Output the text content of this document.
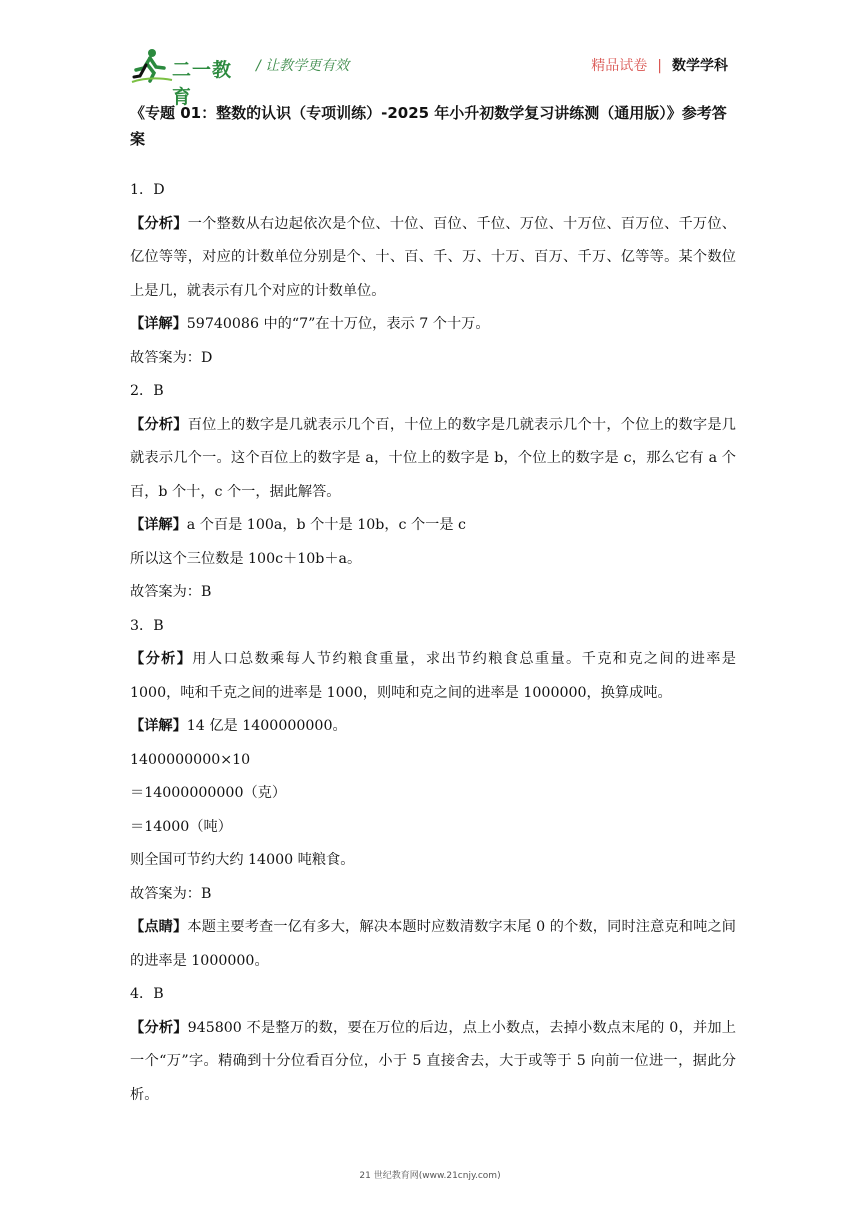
二一教育
/ 让教学更有效	精品试卷 | 数学学科
《专题 01：整数的认识（专项训练）-2025 年小升初数学复习讲练测（通用版）》参考答案

1．D

【分析】一个整数从右边起依次是个位、十位、百位、千位、万位、十万位、百万位、千万位、亿位等等，对应的计数单位分别是个、十、百、千、万、十万、百万、千万、亿等等。某个数位上是几，就表示有几个对应的计数单位。

【详解】59740086 中的“7”在十万位，表示 7 个十万。

故答案为：D

2．B

【分析】百位上的数字是几就表示几个百，十位上的数字是几就表示几个十，个位上的数字是几就表示几个一。这个百位上的数字是 a，十位上的数字是 b，个位上的数字是 c，那么它有 a 个百，b 个十，c 个一，据此解答。

【详解】a 个百是 100a，b 个十是 10b，c 个一是 c

所以这个三位数是 100c＋10b＋a。

故答案为：B

3．B

【分析】用人口总数乘每人节约粮食重量，求出节约粮食总重量。千克和克之间的进率是 1000，吨和千克之间的进率是 1000，则吨和克之间的进率是 1000000，换算成吨。

【详解】14 亿是 1400000000。

1400000000×10

＝14000000000（克）

＝14000（吨）

则全国可节约大约 14000 吨粮食。

故答案为：B

【点睛】本题主要考查一亿有多大，解决本题时应数清数字末尾 0 的个数，同时注意克和吨之间的进率是 1000000。

4．B

【分析】945800 不是整万的数，要在万位的后边，点上小数点，去掉小数点末尾的 0，并加上一个“万”字。精确到十分位看百分位，小于 5 直接舍去，大于或等于 5 向前一位进一，据此分析。

21 世纪教育网(www.21cnjy.com)
